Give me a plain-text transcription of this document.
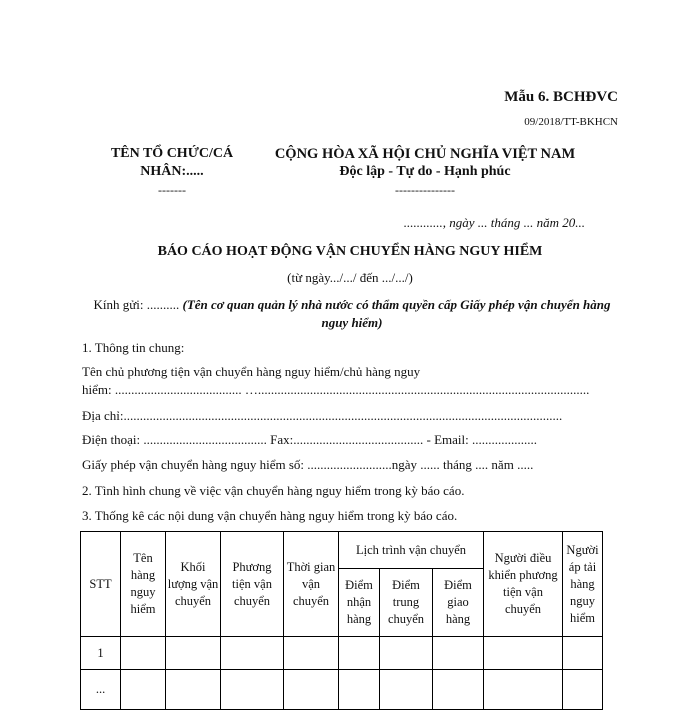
Mẫu 6. BCHĐVC
09/2018/TT-BKHCN
TÊN TỔ CHỨC/CÁ NHÂN:.....
-------
CỘNG HÒA XÃ HỘI CHỦ NGHĨA VIỆT NAM
Độc lập - Tự do - Hạnh phúc
---------------
............, ngày ... tháng ... năm 20...
BÁO CÁO HOẠT ĐỘNG VẬN CHUYỂN HÀNG NGUY HIỂM
(từ ngày.../.../ đến .../.../)
Kính gửi: .......... (Tên cơ quan quản lý nhà nước có thẩm quyền cấp Giấy phép vận chuyển hàng nguy hiểm)
1. Thông tin chung:
Tên chủ phương tiện vận chuyển hàng nguy hiểm/chủ hàng nguy
hiểm: ....................................... …......................................................................................................
Địa chỉ:.......................................................................................................................................
Điện thoại: ...................................... Fax:........................................ - Email: ....................
Giấy phép vận chuyển hàng nguy hiểm số: ..........................ngày ...... tháng .... năm .....
2. Tình hình chung về việc vận chuyển hàng nguy hiểm trong kỳ báo cáo.
3. Thống kê các nội dung vận chuyển hàng nguy hiểm trong kỳ báo cáo.
STT	Tên hàng nguy hiểm	Khối lượng vận chuyển	Phương tiện vận chuyển	Thời gian vận chuyển	Lịch trình vận chuyển			Người điều khiển phương tiện vận chuyển	Người áp tải hàng nguy hiểm
					Điểm nhận hàng	Điểm trung chuyển	Điểm giao hàng		
1									
...									
